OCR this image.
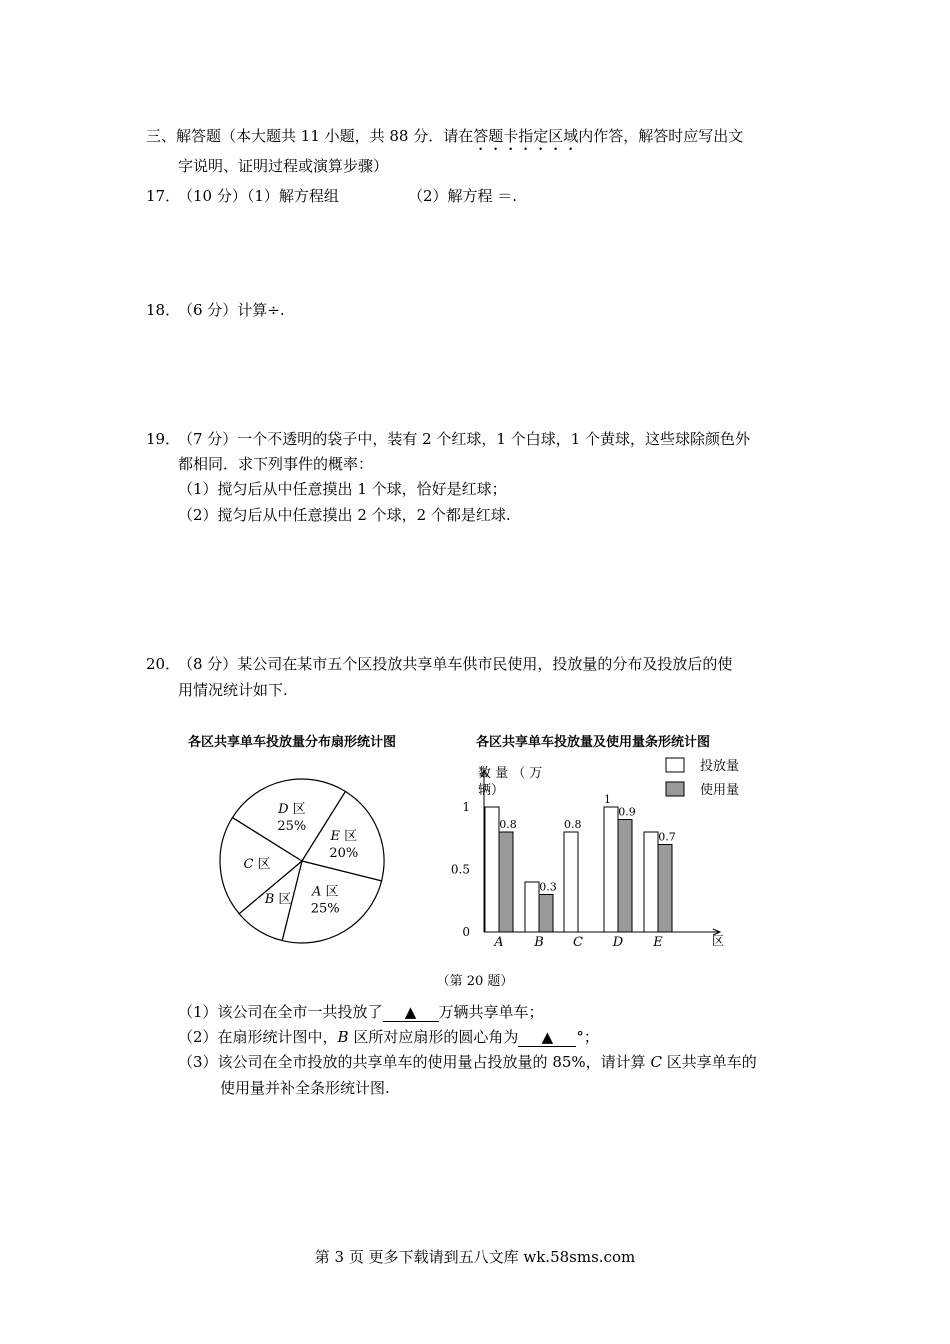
三、解答题（本大题共 11 小题，共 88 分．请在答题卡指定区域内作答，解答时应写出文
字说明、证明过程或演算步骤）
17．
（10 分）（1）解方程组	（2）解方程 ＝.
18．
（6 分）计算÷.
19．
（7 分）一个不透明的袋子中，装有 2 个红球，1 个白球，1 个黄球，这些球除颜色外
都相同．求下列事件的概率：
（1）搅匀后从中任意摸出 1 个球，恰好是红球；
（2）搅匀后从中任意摸出 2 个球，2 个都是红球.
20．
（8 分）某公司在某市五个区投放共享单车供市民使用，投放量的分布及投放后的使
用情况统计如下.
各区共享单车投放量分布扇形统计图
A 区
25%
B 区
C 区
D 区
25%
E 区
20%
各区共享单车投放量及使用量条形统计图
0
0.5
1
数 量 （ 万
辆）
区
A B C D E
0.8
0.3
0.8
1
0.9
0.7
投放量
使用量
（第 20 题）
（1）该公司在全市一共投放了 ▲ 万辆共享单车；
（2）在扇形统计图中，B 区所对应扇形的圆心角为 ▲ °；
（3）该公司在全市投放的共享单车的使用量占投放量的 85%，请计算 C 区共享单车的
使用量并补全条形统计图.
第 3 页 更多下载请到五八文库 wk.58sms.com
